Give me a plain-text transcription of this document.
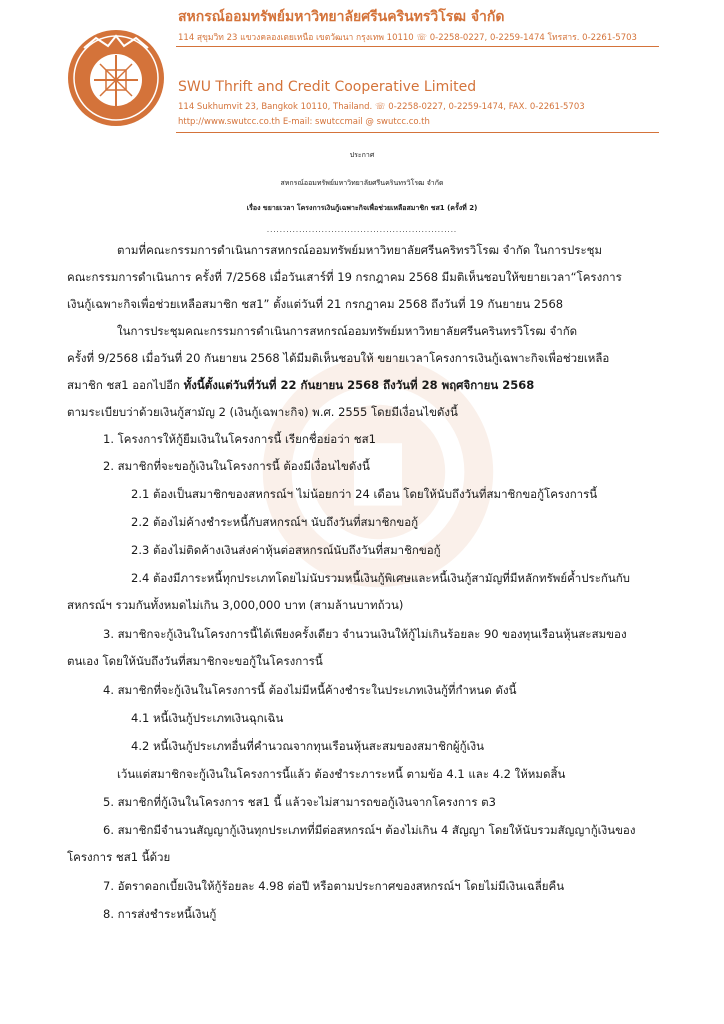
สหกรณ์ออมทรัพย์มหาวิทยาลัยศรีนครินทรวิโรฒ จำกัด
114 สุขุมวิท 23 แขวงคลองเตยเหนือ เขตวัฒนา กรุงเทพ 10110 ☏ 0-2258-0227, 0-2259-1474 โทรสาร. 0-2261-5703
SWU Thrift and Credit Cooperative Limited
114 Sukhumvit 23, Bangkok 10110, Thailand. ☏ 0-2258-0227, 0-2259-1474, FAX. 0-2261-5703
http://www.swutcc.co.th E-mail: swutccmail @ swutcc.co.th
ประกาศ
สหกรณ์ออมทรัพย์มหาวิทยาลัยศรีนครินทรวิโรฒ จำกัด
เรื่อง ขยายเวลา โครงการเงินกู้เฉพาะกิจเพื่อช่วยเหลือสมาชิก ชส1 (ครั้งที่ 2)
...........................................................
ตามที่คณะกรรมการดำเนินการสหกรณ์ออมทรัพย์มหาวิทยาลัยศรีนคริทรวิโรฒ จำกัด ในการประชุม
คณะกรรมการดำเนินการ ครั้งที่ 7/2568 เมื่อวันเสาร์ที่ 19 กรกฎาคม 2568 มีมติเห็นชอบให้ขยายเวลา“โครงการ
เงินกู้เฉพาะกิจเพื่อช่วยเหลือสมาชิก ชส1” ตั้งแต่วันที่ 21 กรกฎาคม 2568 ถึงวันที่ 19 กันยายน 2568
ในการประชุมคณะกรรมการดำเนินการสหกรณ์ออมทรัพย์มหาวิทยาลัยศรีนครินทรวิโรฒ จำกัด
ครั้งที่ 9/2568 เมื่อวันที่ 20 กันยายน 2568 ได้มีมติเห็นชอบให้ ขยายเวลาโครงการเงินกู้เฉพาะกิจเพื่อช่วยเหลือ
สมาชิก ชส1 ออกไปอีก ทั้งนี้ตั้งแต่วันที่วันที่ 22 กันยายน 2568 ถึงวันที่ 28 พฤศจิกายน 2568
ตามระเบียบว่าด้วยเงินกู้สามัญ 2 (เงินกู้เฉพาะกิจ) พ.ศ. 2555 โดยมีเงื่อนไขดังนี้
1. โครงการให้กู้ยืมเงินในโครงการนี้ เรียกชื่อย่อว่า ชส1
2. สมาชิกที่จะขอกู้เงินในโครงการนี้ ต้องมีเงื่อนไขดังนี้
2.1 ต้องเป็นสมาชิกของสหกรณ์ฯ ไม่น้อยกว่า 24 เดือน โดยให้นับถึงวันที่สมาชิกขอกู้โครงการนี้
2.2 ต้องไม่ค้างชำระหนี้กับสหกรณ์ฯ นับถึงวันที่สมาชิกขอกู้
2.3 ต้องไม่ติดค้างเงินส่งค่าหุ้นต่อสหกรณ์นับถึงวันที่สมาชิกขอกู้
2.4 ต้องมีภาระหนี้ทุกประเภทโดยไม่นับรวมหนี้เงินกู้พิเศษและหนี้เงินกู้สามัญที่มีหลักทรัพย์ค้ำประกันกับ
สหกรณ์ฯ รวมกันทั้งหมดไม่เกิน 3,000,000 บาท (สามล้านบาทถ้วน)
3. สมาชิกจะกู้เงินในโครงการนี้ได้เพียงครั้งเดียว จำนวนเงินให้กู้ไม่เกินร้อยละ 90 ของทุนเรือนหุ้นสะสมของ
ตนเอง โดยให้นับถึงวันที่สมาชิกจะขอกู้ในโครงการนี้
4. สมาชิกที่จะกู้เงินในโครงการนี้ ต้องไม่มีหนี้ค้างชำระในประเภทเงินกู้ที่กำหนด ดังนี้
4.1 หนี้เงินกู้ประเภทเงินฉุกเฉิน
4.2 หนี้เงินกู้ประเภทอื่นที่คำนวณจากทุนเรือนหุ้นสะสมของสมาชิกผู้กู้เงิน
เว้นแต่สมาชิกจะกู้เงินในโครงการนี้แล้ว ต้องชำระภาระหนี้ ตามข้อ 4.1 และ 4.2 ให้หมดสิ้น
5. สมาชิกที่กู้เงินในโครงการ ชส1 นี้ แล้วจะไม่สามารถขอกู้เงินจากโครงการ ต3
6. สมาชิกมีจำนวนสัญญากู้เงินทุกประเภทที่มีต่อสหกรณ์ฯ ต้องไม่เกิน 4 สัญญา โดยให้นับรวมสัญญากู้เงินของ
โครงการ ชส1 นี้ด้วย
7. อัตราดอกเบี้ยเงินให้กู้ร้อยละ 4.98 ต่อปี หรือตามประกาศของสหกรณ์ฯ โดยไม่มีเงินเฉลี่ยคืน
8. การส่งชำระหนี้เงินกู้
